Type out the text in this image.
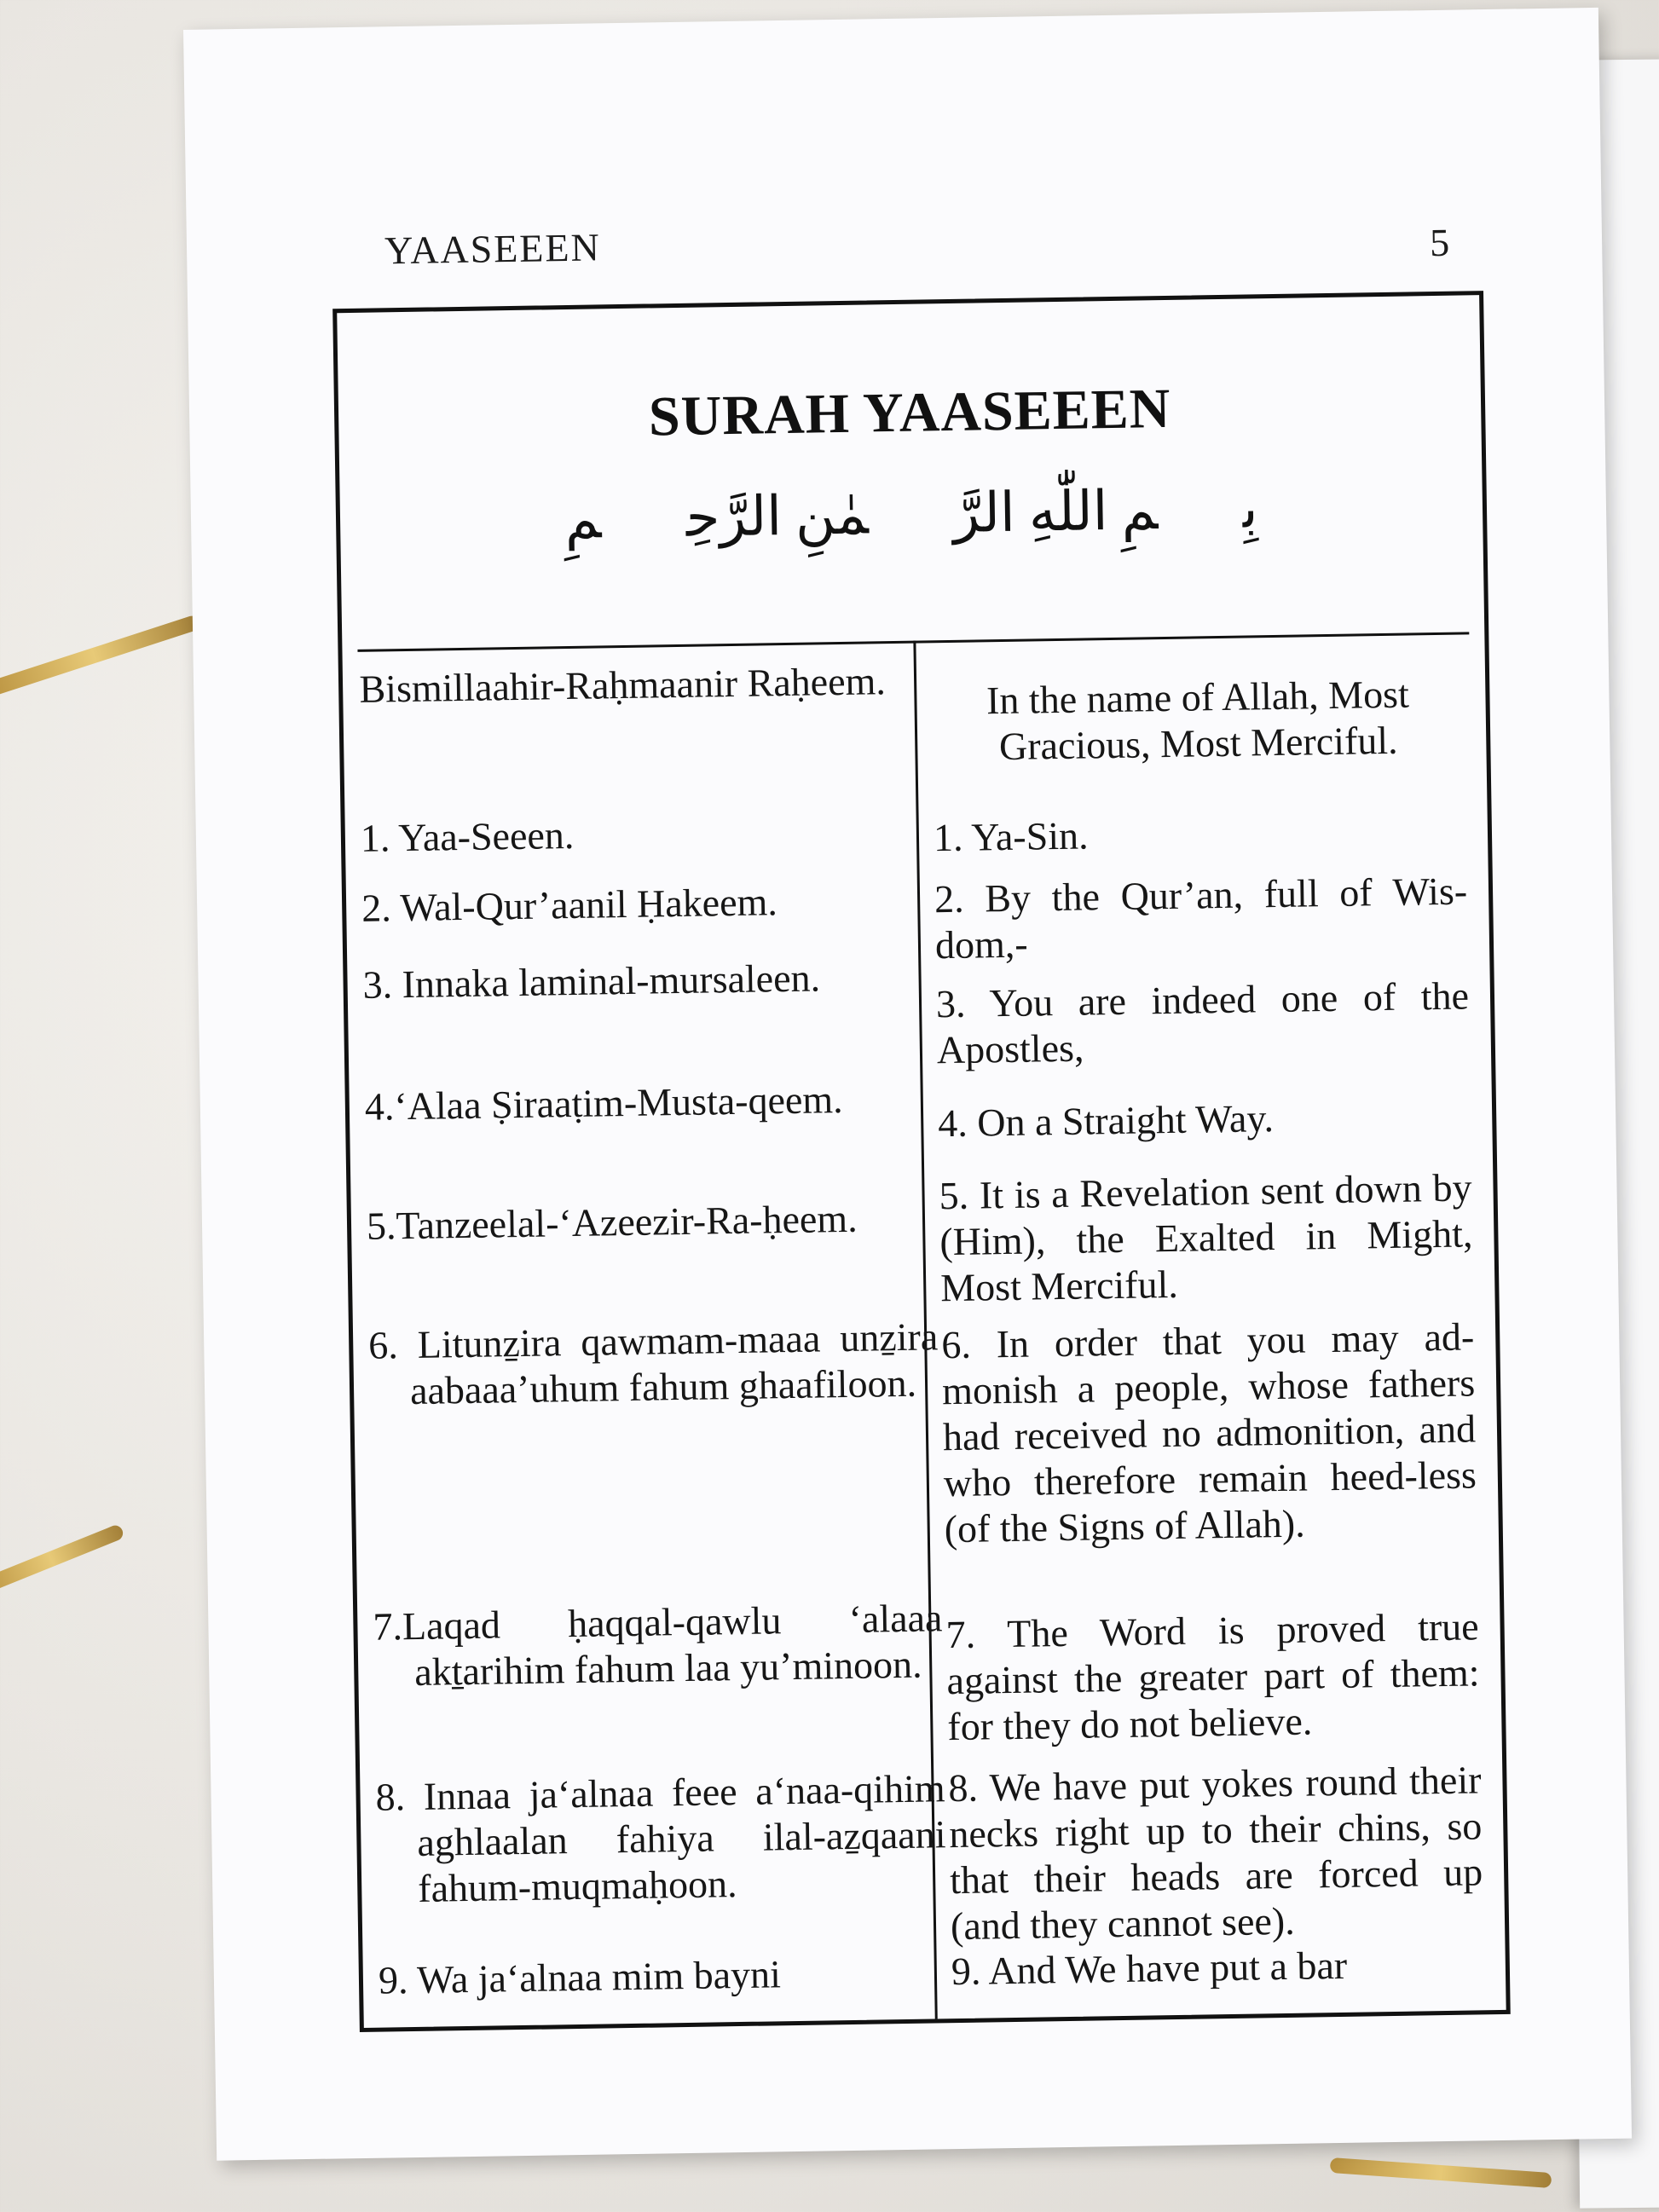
YAASEEEN	5
SURAH YAASEEEN
بِسۡمِ اللّٰهِ الرَّحۡمٰنِ الرَّحِيۡمِ
Bismillaahir-Raḥmaanir Raḥeem.
1. Yaa-Seeen.
2. Wal-Qur’aanil Ḥakeem.
3. Innaka laminal-mursaleen.
4.‘Alaa Ṣiraaṭim-Musta-qeem.
5.Tanzeelal-‘Azeezir-Ra-ḥeem.
6. Litunẕira qawmam-maaa unẕira aabaaa’uhum fahum ghaafiloon.
7.Laqad ḥaqqal-qawlu ‘alaaa akṯarihim fahum laa yu’minoon.
8. Innaa ja‘alnaa feee a‘naa-qihim aghlaalan fahiya ilal-aẕqaani fahum-muqmaḥoon.
9. Wa ja‘alnaa mim bayni
In the name of Allah, Most Gracious, Most Merciful.
1. Ya-Sin.
2. By the Qur’an, full of Wis-dom,-
3. You are indeed one of the Apostles,
4. On a Straight Way.
5. It is a Revelation sent down by (Him), the Exalted in Might, Most Merciful.
6. In order that you may ad-monish a people, whose fathers had received no admonition, and who therefore remain heed-less (of the Signs of Allah).
7. The Word is proved true against the greater part of them: for they do not believe.
8. We have put yokes round their necks right up to their chins, so that their heads are forced up (and they cannot see).
9. And We have put a bar
